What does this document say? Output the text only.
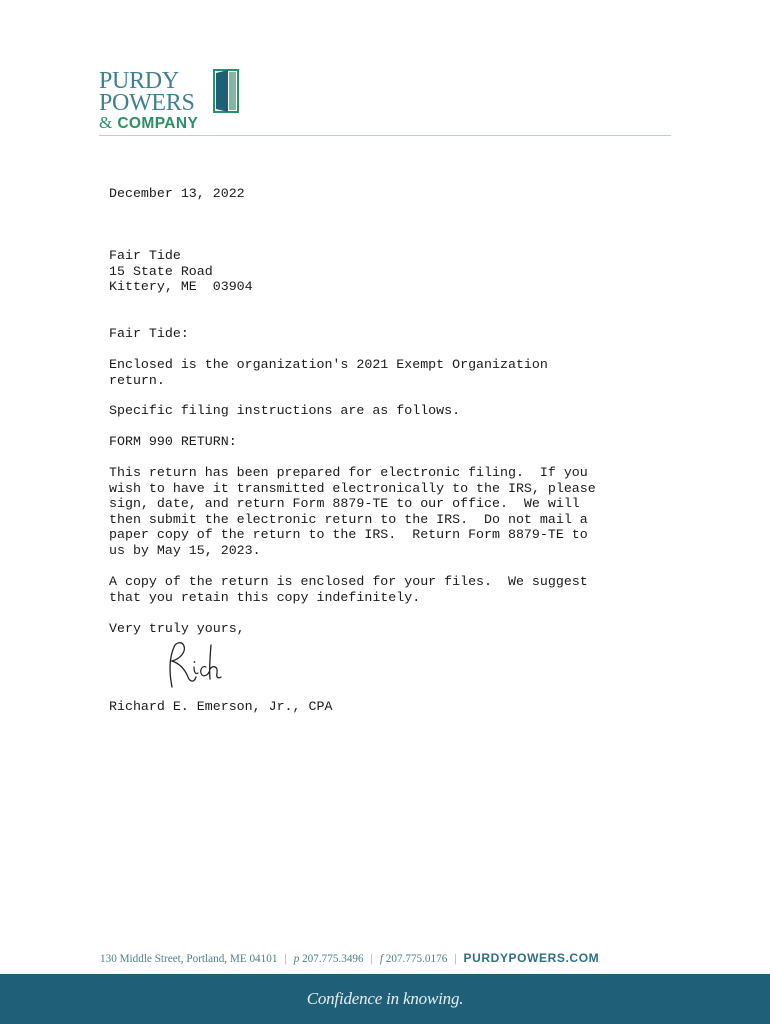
PURDY
POWERS
& COMPANY

December 13, 2022

Fair Tide

15 State Road

Kittery, ME  03904

Fair Tide:

Enclosed is the organization's 2021 Exempt Organization

return.

Specific filing instructions are as follows.

FORM 990 RETURN:

This return has been prepared for electronic filing.  If you

wish to have it transmitted electronically to the IRS, please

sign, date, and return Form 8879-TE to our office.  We will

then submit the electronic return to the IRS.  Do not mail a

paper copy of the return to the IRS.  Return Form 8879-TE to

us by May 15, 2023.

A copy of the return is enclosed for your files.  We suggest

that you retain this copy indefinitely.

Very truly yours,

Richard E. Emerson, Jr., CPA

130 Middle Street, Portland, ME 04101 | p 207.775.3496 | f 207.775.0176 | PURDYPOWERS.COM
Confidence in knowing.
